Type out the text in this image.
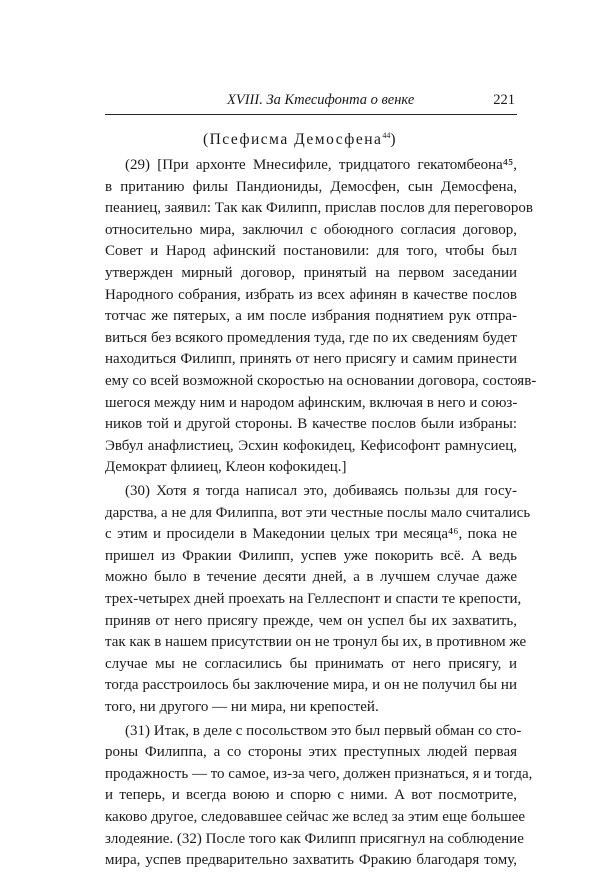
XVIII. За Ктесифонта о венке	221
(Псефисма Демосфена$^{44}$)
(29) [При архонте Мнесифиле, тридцатого гекатомбеона⁴⁵,
в пританию филы Пандиониды, Демосфен, сын Демосфена,
пеаниец, заявил: Так как Филипп, прислав послов для переговоров
относительно мира, заключил с обоюдного согласия договор,
Совет и Народ афинский постановили: для того, чтобы был
утвержден мирный договор, принятый на первом заседании
Народного собрания, избрать из всех афинян в качестве послов
тотчас же пятерых, а им после избрания поднятием рук отпра-
виться без всякого промедления туда, где по их сведениям будет
находиться Филипп, принять от него присягу и самим принести
ему со всей возможной скоростью на основании договора, состояв-
шегося между ним и народом афинским, включая в него и союз-
ников той и другой стороны. В качестве послов были избраны:
Эвбул анафлистиец, Эсхин кофокидец, Кефисофонт рамнусиец,
Демократ флииец, Клеон кофокидец.]
(30) Хотя я тогда написал это, добиваясь пользы для госу-
дарства, а не для Филиппа, вот эти честные послы мало считались
с этим и просидели в Македонии целых три месяца⁴⁶, пока не
пришел из Фракии Филипп, успев уже покорить всё. А ведь
можно было в течение десяти дней, а в лучшем случае даже
трех-четырех дней проехать на Геллеспонт и спасти те крепости,
приняв от него присягу прежде, чем он успел бы их захватить,
так как в нашем присутствии он не тронул бы их, в противном же
случае мы не согласились бы принимать от него присягу, и
тогда расстроилось бы заключение мира, и он не получил бы ни
того, ни другого — ни мира, ни крепостей.
(31) Итак, в деле с посольством это был первый обман со сто-
роны Филиппа, а со стороны этих преступных людей первая
продажность — то самое, из-за чего, должен признаться, я и тогда,
и теперь, и всегда воюю и спорю с ними. А вот посмотрите,
каково другое, следовавшее сейчас же вслед за этим еще большее
злодеяние. (32) После того как Филипп присягнул на соблюдение
мира, успев предварительно захватить Фракию благодаря тому,
